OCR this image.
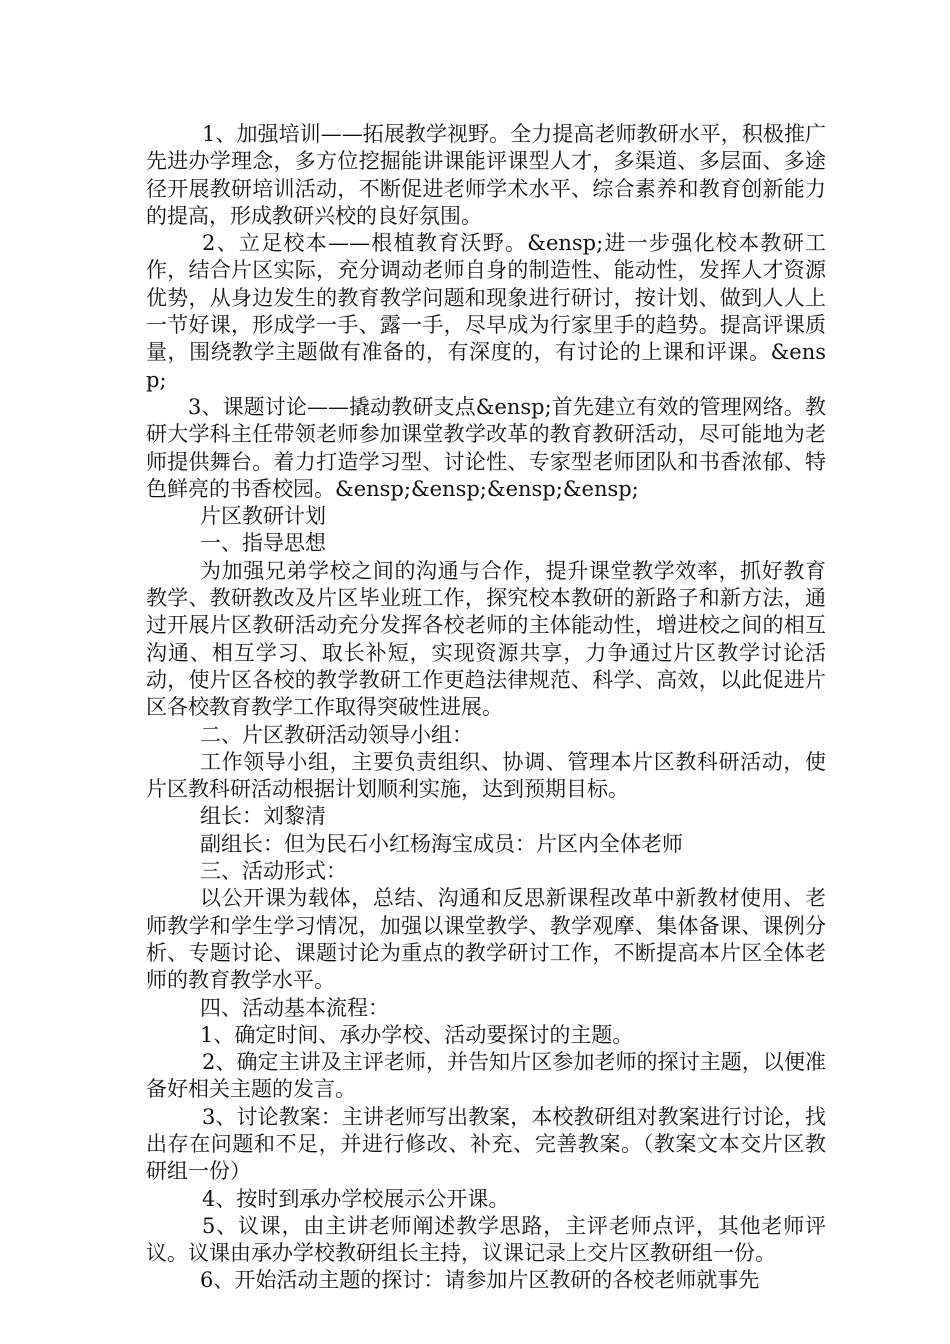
1、加强培训——拓展教学视野。全力提高老师教研水平，积极推广先进办学理念，多方位挖掘能讲课能评课型人才，多渠道、多层面、多途径开展教研培训活动，不断促进老师学术水平、综合素养和教育创新能力的提高，形成教研兴校的良好氛围。

2、立足校本——根植教育沃野。&ensp;进一步强化校本教研工作，结合片区实际，充分调动老师自身的制造性、能动性，发挥人才资源优势，从身边发生的教育教学问题和现象进行研讨，按计划、做到人人上一节好课，形成学一手、露一手，尽早成为行家里手的趋势。提高评课质量，围绕教学主题做有准备的，有深度的，有讨论的上课和评课。&ensp;

3、课题讨论——撬动教研支点&ensp;首先建立有效的管理网络。教研大学科主任带领老师参加课堂教学改革的教育教研活动，尽可能地为老师提供舞台。着力打造学习型、讨论性、专家型老师团队和书香浓郁、特色鲜亮的书香校园。&ensp;&ensp;&ensp;&ensp;

片区教研计划

一、指导思想

为加强兄弟学校之间的沟通与合作，提升课堂教学效率，抓好教育教学、教研教改及片区毕业班工作，探究校本教研的新路子和新方法，通过开展片区教研活动充分发挥各校老师的主体能动性，增进校之间的相互沟通、相互学习、取长补短，实现资源共享，力争通过片区教学讨论活动，使片区各校的教学教研工作更趋法律规范、科学、高效，以此促进片区各校教育教学工作取得突破性进展。

二、片区教研活动领导小组：

工作领导小组，主要负责组织、协调、管理本片区教科研活动，使片区教科研活动根据计划顺利实施，达到预期目标。

组长：刘黎清

副组长：但为民石小红杨海宝成员：片区内全体老师

三、活动形式：

以公开课为载体，总结、沟通和反思新课程改革中新教材使用、老师教学和学生学习情况，加强以课堂教学、教学观摩、集体备课、课例分析、专题讨论、课题讨论为重点的教学研讨工作，不断提高本片区全体老师的教育教学水平。

四、活动基本流程：

1、确定时间、承办学校、活动要探讨的主题。

2、确定主讲及主评老师，并告知片区参加老师的探讨主题，以便准备好相关主题的发言。

3、讨论教案：主讲老师写出教案，本校教研组对教案进行讨论，找出存在问题和不足，并进行修改、补充、完善教案。（教案文本交片区教研组一份）

4、按时到承办学校展示公开课。

5、议课，由主讲老师阐述教学思路，主评老师点评，其他老师评议。议课由承办学校教研组长主持，议课记录上交片区教研组一份。

6、开始活动主题的探讨：请参加片区教研的各校老师就事先
